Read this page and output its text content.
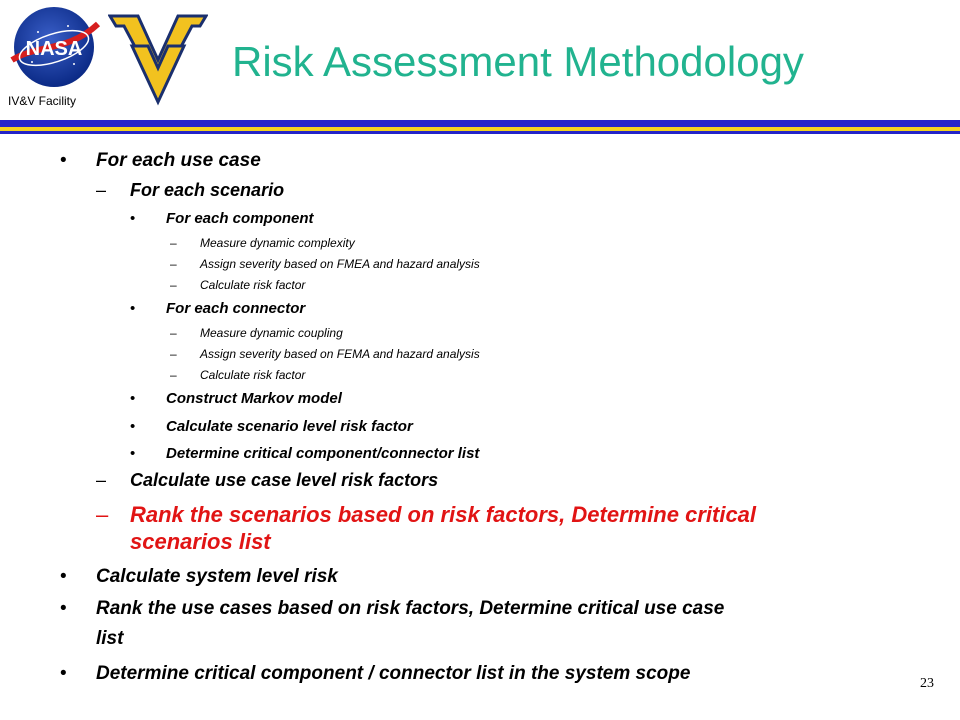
NASA
IV&V Facility
WV
Risk Assessment Methodology
• For each use case
– For each scenario
• For each component
– Measure dynamic complexity
– Assign severity based on FMEA and hazard analysis
– Calculate risk factor
• For each connector
– Measure dynamic coupling
– Assign severity based on FEMA and hazard analysis
– Calculate risk factor
• Construct Markov model
• Calculate scenario level risk factor
• Determine critical component/connector list
– Calculate use case level risk factors
– Rank the scenarios based on risk factors, Determine critical
scenarios list
• Calculate system level risk
• Rank the use cases based on risk factors, Determine critical use case
list
• Determine critical component / connector list in the system scope	23
